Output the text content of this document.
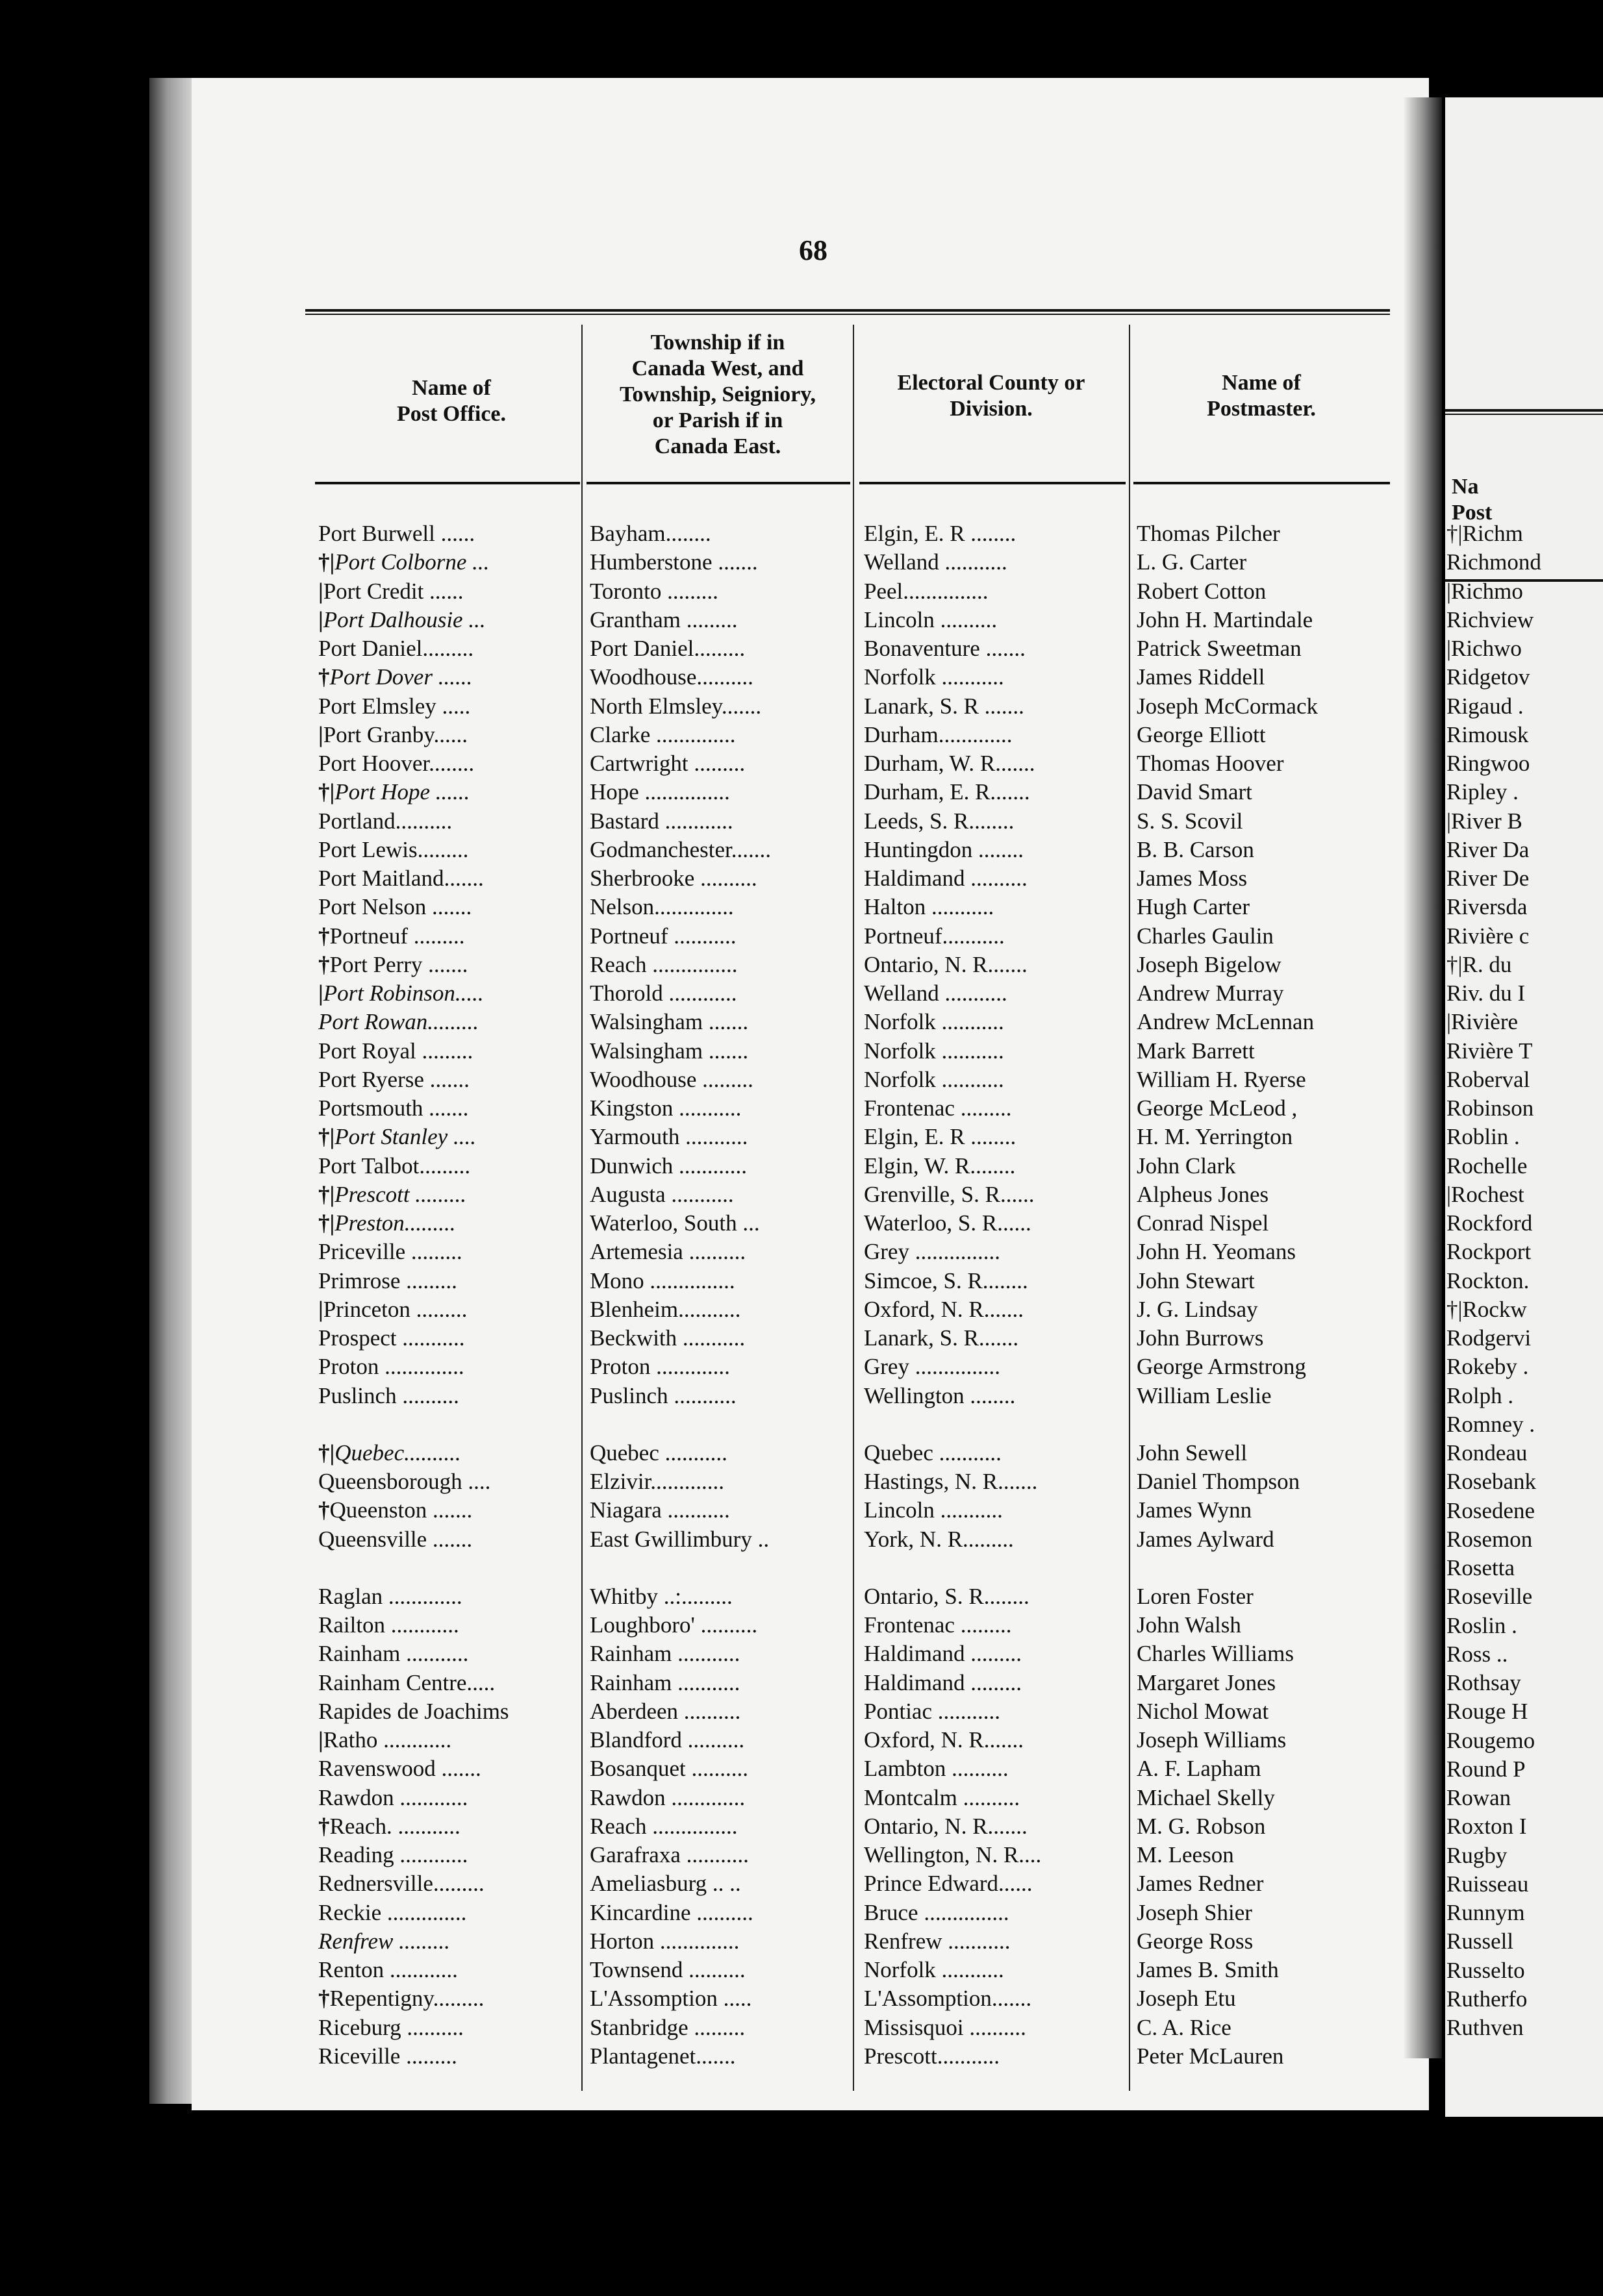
Na
Post
†|Richm
Richmond
|Richmo
Richview
|Richwo
Ridgetov
Rigaud .
Rimousk
Ringwoo
Ripley .
|River B
River Da
River De
Riversda
Rivière c
†|R. du
Riv. du I
|Rivière
Rivière T
Roberval
Robinson
Roblin .
Rochelle
|Rochest
Rockford
Rockport
Rockton.
†|Rockw
Rodgervi
Rokeby .
Rolph .
Romney .
Rondeau
Rosebank
Rosedene
Rosemon
Rosetta
Roseville
Roslin .
Ross ..
Rothsay
Rouge H
Rougemo
Round P
Rowan
Roxton I
Rugby
Ruisseau
Runnym
Russell
Russelto
Rutherfo
Ruthven
68
Name of
Post Office.
Township if in
Canada West, and
Township, Seigniory,
or Parish if in
Canada East.
Electoral County or
Division.
Name of
Postmaster.
Port Burwell ......	Bayham........	Elgin, E. R ........	Thomas Pilcher
†|Port Colborne ...	Humberstone .......	Welland ...........	L. G. Carter
|Port Credit ......	Toronto .........	Peel...............	Robert Cotton
|Port Dalhousie ...	Grantham .........	Lincoln ..........	John H. Martindale
Port Daniel.........	Port Daniel.........	Bonaventure .......	Patrick Sweetman
†Port Dover ......	Woodhouse..........	Norfolk ...........	James Riddell
Port Elmsley .....	North Elmsley.......	Lanark, S. R .......	Joseph McCormack
|Port Granby......	Clarke ..............	Durham.............	George Elliott
Port Hoover........	Cartwright .........	Durham, W. R.......	Thomas Hoover
†|Port Hope ......	Hope ...............	Durham, E. R.......	David Smart
Portland..........	Bastard ............	Leeds, S. R........	S. S. Scovil
Port Lewis.........	Godmanchester.......	Huntingdon ........	B. B. Carson
Port Maitland.......	Sherbrooke ..........	Haldimand ..........	James Moss
Port Nelson .......	Nelson..............	Halton ...........	Hugh Carter
†Portneuf .........	Portneuf ...........	Portneuf...........	Charles Gaulin
†Port Perry .......	Reach ...............	Ontario, N. R.......	Joseph Bigelow
|Port Robinson.....	Thorold ............	Welland ...........	Andrew Murray
Port Rowan.........	Walsingham .......	Norfolk ...........	Andrew McLennan
Port Royal .........	Walsingham .......	Norfolk ...........	Mark Barrett
Port Ryerse .......	Woodhouse .........	Norfolk ...........	William H. Ryerse
Portsmouth .......	Kingston ...........	Frontenac .........	George McLeod ,
†|Port Stanley ....	Yarmouth ...........	Elgin, E. R ........	H. M. Yerrington
Port Talbot.........	Dunwich ............	Elgin, W. R........	John Clark
†|Prescott .........	Augusta ...........	Grenville, S. R......	Alpheus Jones
†|Preston.........	Waterloo, South ...	Waterloo, S. R......	Conrad Nispel
Priceville .........	Artemesia ..........	Grey ...............	John H. Yeomans
Primrose .........	Mono ...............	Simcoe, S. R........	John Stewart
|Princeton .........	Blenheim...........	Oxford, N. R.......	J. G. Lindsay
Prospect ...........	Beckwith ...........	Lanark, S. R.......	John Burrows
Proton ..............	Proton .............	Grey ...............	George Armstrong
Puslinch ..........	Puslinch ...........	Wellington ........	William Leslie
†|Quebec..........	Quebec ...........	Quebec ...........	John Sewell
Queensborough ....	Elzivir.............	Hastings, N. R.......	Daniel Thompson
†Queenston .......	Niagara ...........	Lincoln ...........	James Wynn
Queensville .......	East Gwillimbury ..	York, N. R.........	James Aylward
Raglan .............	Whitby ..:.........	Ontario, S. R........	Loren Foster
Railton ............	Loughboro' ..........	Frontenac .........	John Walsh
Rainham ...........	Rainham ...........	Haldimand .........	Charles Williams
Rainham Centre.....	Rainham ...........	Haldimand .........	Margaret Jones
Rapides de Joachims	Aberdeen ..........	Pontiac ...........	Nichol Mowat
|Ratho ............	Blandford ..........	Oxford, N. R.......	Joseph Williams
Ravenswood .......	Bosanquet ..........	Lambton ..........	A. F. Lapham
Rawdon ............	Rawdon .............	Montcalm ..........	Michael Skelly
†Reach. ...........	Reach ...............	Ontario, N. R.......	M. G. Robson
Reading ............	Garafraxa ...........	Wellington, N. R....	M. Leeson
Rednersville.........	Ameliasburg .. ..	Prince Edward......	James Redner
Reckie ..............	Kincardine ..........	Bruce ...............	Joseph Shier
Renfrew .........	Horton ..............	Renfrew ...........	George Ross
Renton ............	Townsend ..........	Norfolk ...........	James B. Smith
†Repentigny.........	L'Assomption .....	L'Assomption.......	Joseph Etu
Riceburg ..........	Stanbridge .........	Missisquoi ..........	C. A. Rice
Riceville .........	Plantagenet.......	Prescott...........	Peter McLauren
